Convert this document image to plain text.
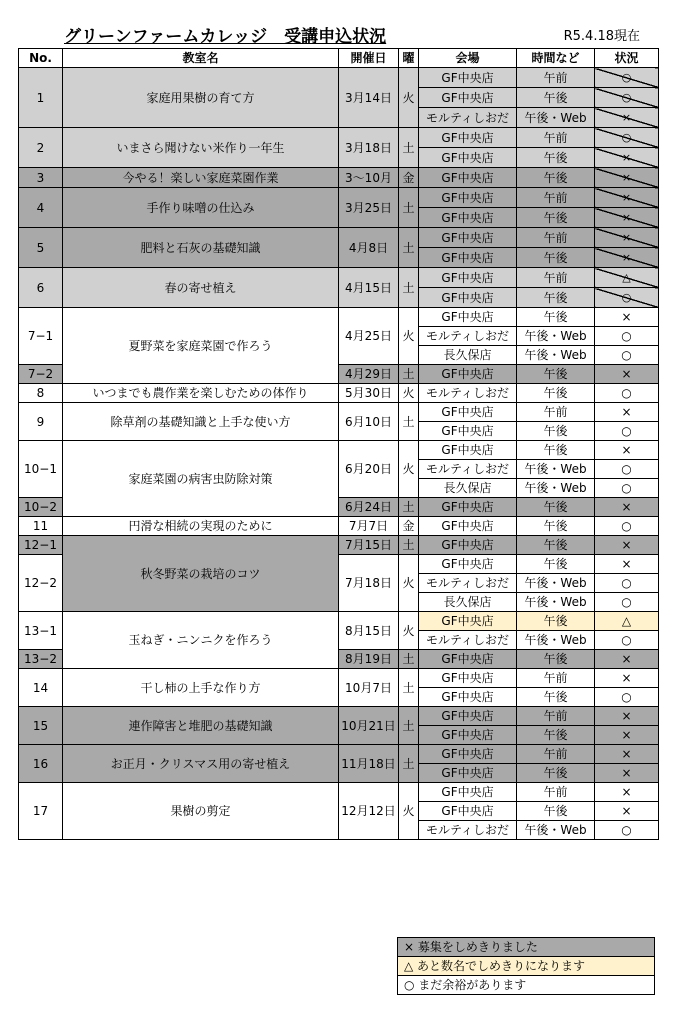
グリーンファームカレッジ　受講申込状況	R5.4.18現在
No.	教室名	開催日	曜	会場	時間など	状況
1	家庭用果樹の育て方	3月14日	火	GF中央店	午前	○
				GF中央店	午後	○
				モルティしおだ	午後・Web	×
2	いまさら聞けない米作り一年生	3月18日	土	GF中央店	午前	○
				GF中央店	午後	×
3	今やる！楽しい家庭菜園作業	3～10月	金	GF中央店	午後	×
4	手作り味噌の仕込み	3月25日	土	GF中央店	午前	×
				GF中央店	午後	×
5	肥料と石灰の基礎知識	4月8日	土	GF中央店	午前	×
				GF中央店	午後	×
6	春の寄せ植え	4月15日	土	GF中央店	午前	△
				GF中央店	午後	○
7−1	夏野菜を家庭菜園で作ろう	4月25日	火	GF中央店	午後	×
				モルティしおだ	午後・Web	○
				長久保店	午後・Web	○
7−2		4月29日	土	GF中央店	午後	×
8	いつまでも農作業を楽しむための体作り	5月30日	火	モルティしおだ	午後	○
9	除草剤の基礎知識と上手な使い方	6月10日	土	GF中央店	午前	×
				GF中央店	午後	○
10−1	家庭菜園の病害虫防除対策	6月20日	火	GF中央店	午後	×
				モルティしおだ	午後・Web	○
				長久保店	午後・Web	○
10−2		6月24日	土	GF中央店	午後	×
11	円滑な相続の実現のために	7月7日	金	GF中央店	午後	○
12−1	秋冬野菜の栽培のコツ	7月15日	土	GF中央店	午後	×
12−2		7月18日	火	GF中央店	午後	×
				モルティしおだ	午後・Web	○
				長久保店	午後・Web	○
13−1	玉ねぎ・ニンニクを作ろう	8月15日	火	GF中央店	午後	△
				モルティしおだ	午後・Web	○
13−2		8月19日	土	GF中央店	午後	×
14	干し柿の上手な作り方	10月7日	土	GF中央店	午前	×
				GF中央店	午後	○
15	連作障害と堆肥の基礎知識	10月21日	土	GF中央店	午前	×
				GF中央店	午後	×
16	お正月・クリスマス用の寄せ植え	11月18日	土	GF中央店	午前	×
				GF中央店	午後	×
17	果樹の剪定	12月12日	火	GF中央店	午前	×
				GF中央店	午後	×
				モルティしおだ	午後・Web	○
× 募集をしめきりました
△ あと数名でしめきりになります
○ まだ余裕があります
